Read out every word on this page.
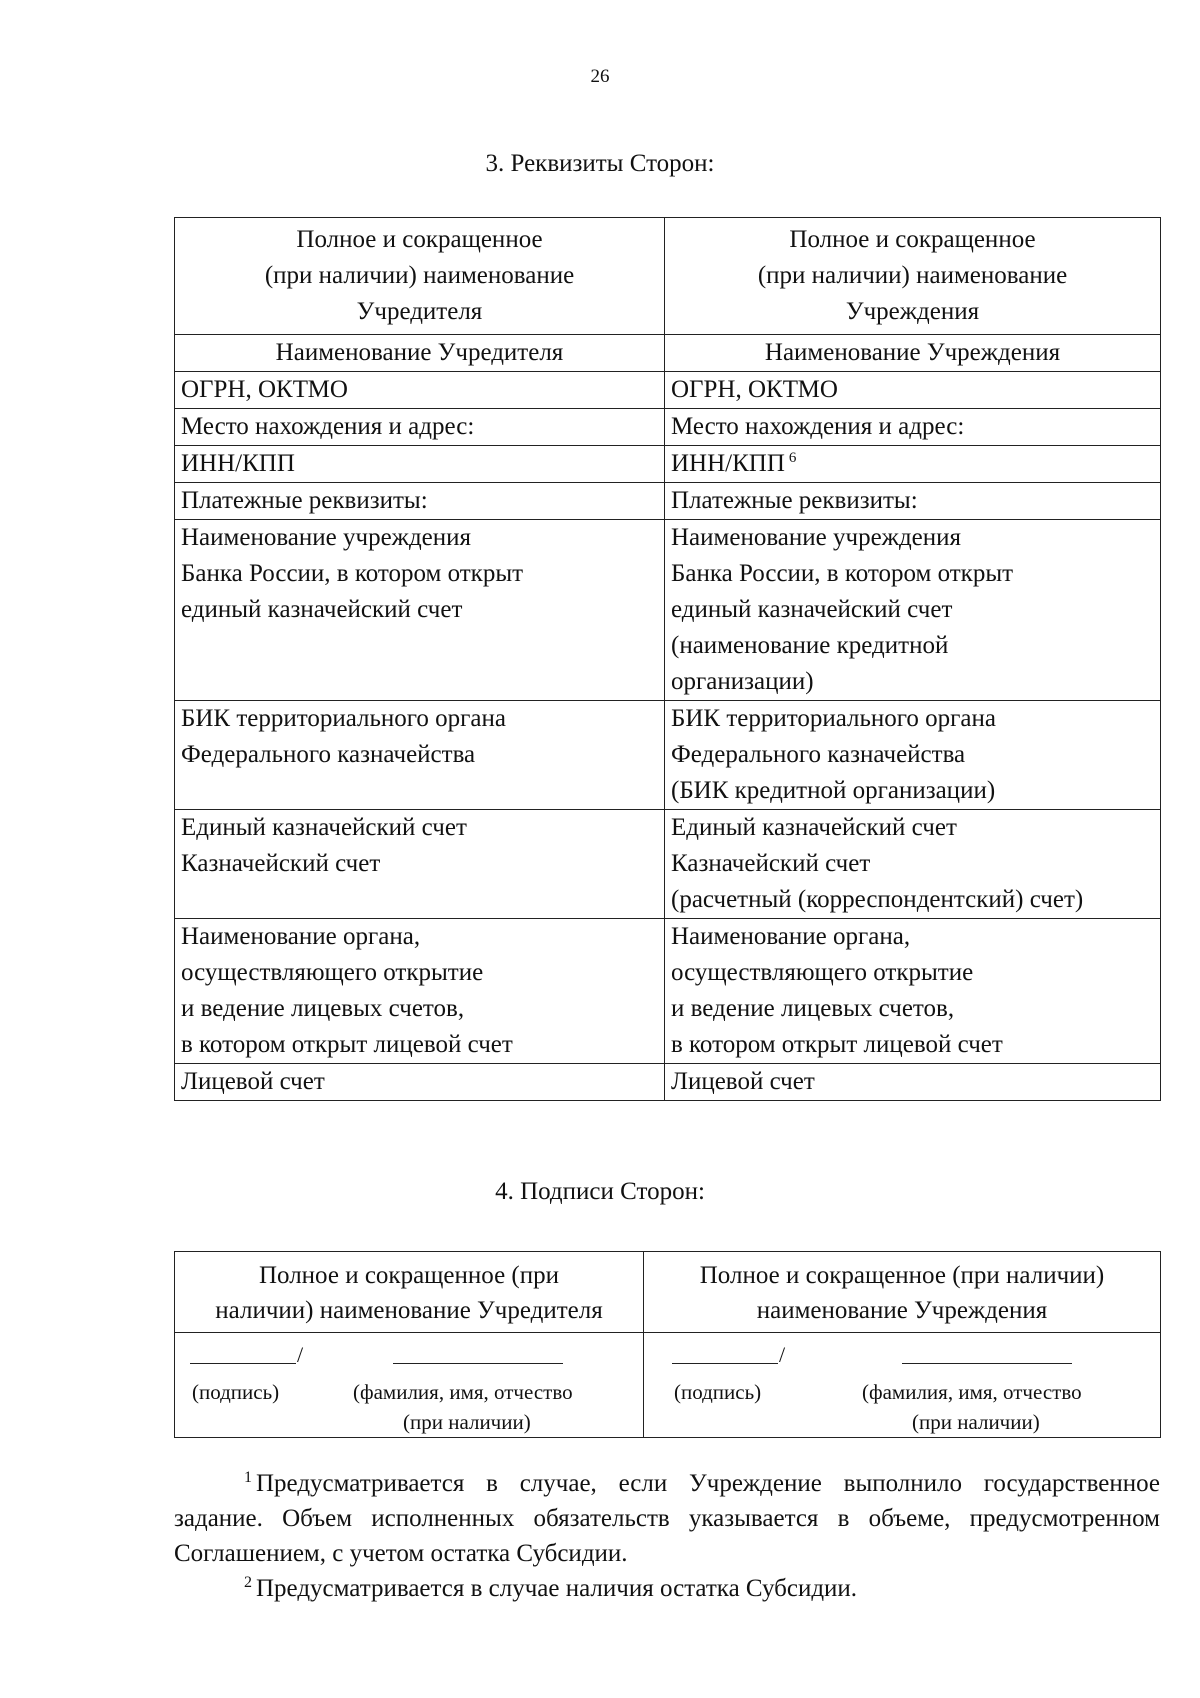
26
3. Реквизиты Сторон:
Полное и сокращенное
(при наличии) наименование
Учредителя	Полное и сокращенное
(при наличии) наименование
Учреждения

Наименование Учредителя	Наименование Учреждения

ОГРН, ОКТМО	ОГРН, ОКТМО

Место нахождения и адрес:	Место нахождения и адрес:

ИНН/КПП	ИНН/КПП $^6$

Платежные реквизиты:	Платежные реквизиты:

Наименование учреждения
Банка России, в котором открыт
единый казначейский счет	Наименование учреждения
Банка России, в котором открыт
единый казначейский счет
(наименование кредитной
организации)

БИК территориального органа
Федерального казначейства	БИК территориального органа
Федерального казначейства
(БИК кредитной организации)

Единый казначейский счет
Казначейский счет	Единый казначейский счет
Казначейский счет
(расчетный (корреспондентский) счет)

Наименование органа,
осуществляющего открытие
и ведение лицевых счетов,
в котором открыт лицевой счет	Наименование органа,
осуществляющего открытие
и ведение лицевых счетов,
в котором открыт лицевой счет

Лицевой счет	Лицевой счет
4. Подписи Сторон:
Полное и сокращенное (при
наличии) наименование Учредителя	Полное и сокращенное (при наличии)
наименование Учреждения

/
(подпись) (фамилия, имя, отчество
(при наличии)	/
(подпись) (фамилия, имя, отчество
(при наличии)
$^1$ Предусматривается в случае, если Учреждение выполнило государственное задание. Объем исполненных обязательств указывается в объеме, предусмотренном Соглашением, с учетом остатка Субсидии.
$^2$ Предусматривается в случае наличия остатка Субсидии.
